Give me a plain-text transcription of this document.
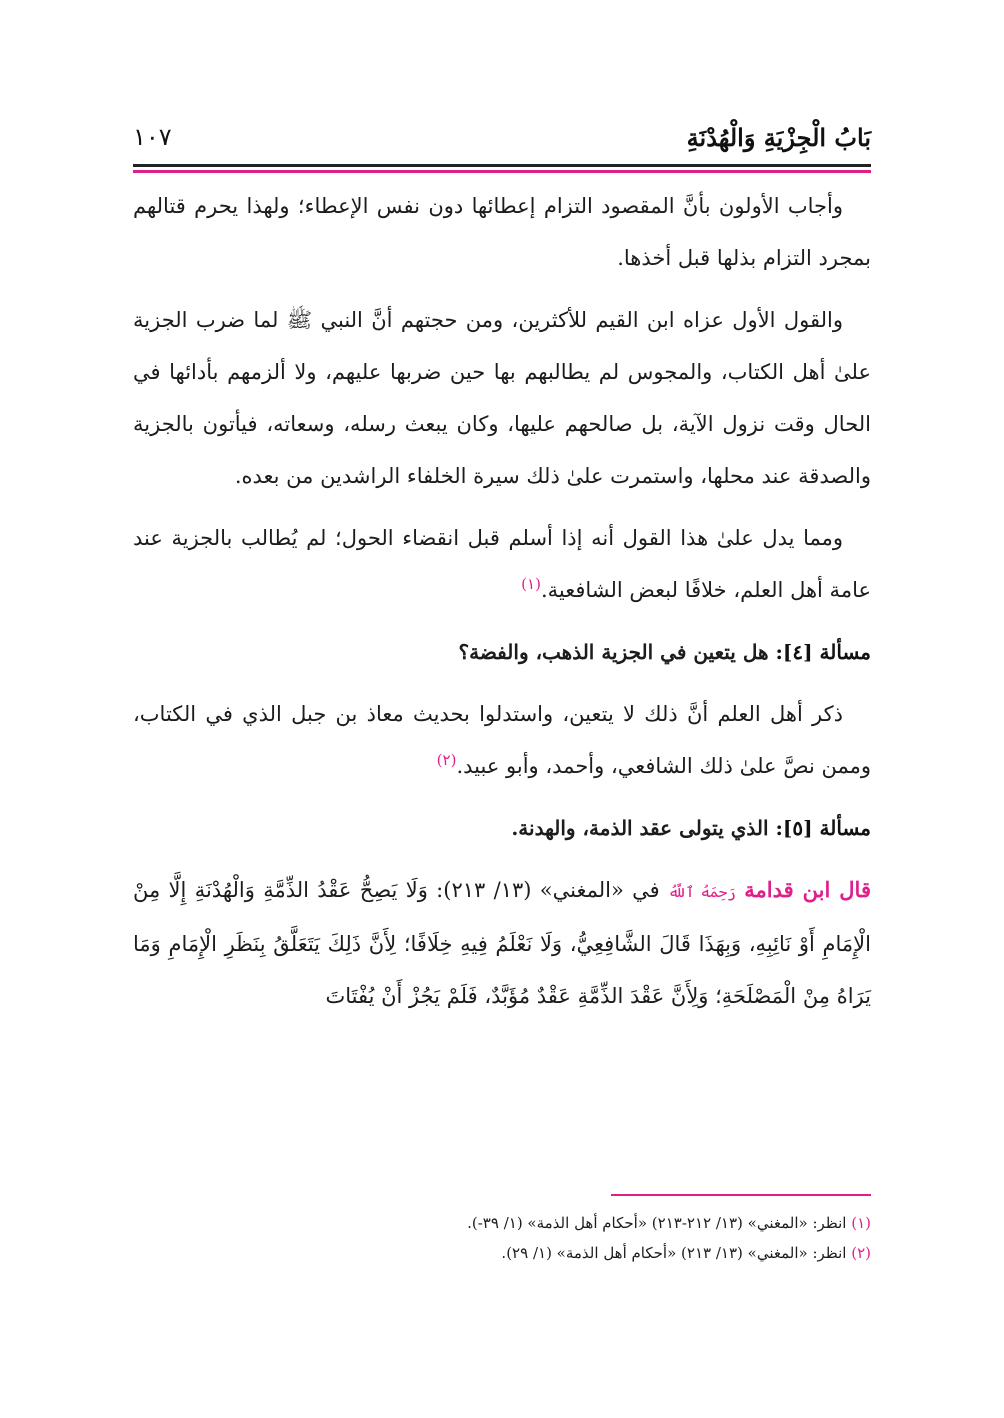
بَابُ الْجِزْيَةِ وَالْهُدْنَةِ
١٠٧

وأجاب الأولون بأنَّ المقصود التزام إعطائها دون نفس الإعطاء؛ ولهذا يحرم قتالهم بمجرد التزام بذلها قبل أخذها.

والقول الأول عزاه ابن القيم للأكثرين، ومن حجتهم أنَّ النبي ﷺ لما ضرب الجزية علىٰ أهل الكتاب، والمجوس لم يطالبهم بها حين ضربها عليهم، ولا ألزمهم بأدائها في الحال وقت نزول الآية، بل صالحهم عليها، وكان يبعث رسله، وسعاته، فيأتون بالجزية والصدقة عند محلها، واستمرت علىٰ ذلك سيرة الخلفاء الراشدين من بعده.

ومما يدل علىٰ هذا القول أنه إذا أسلم قبل انقضاء الحول؛ لم يُطالب بالجزية عند عامة أهل العلم، خلافًا لبعض الشافعية.$^{(١)}$

مسألة [٤]: هل يتعين في الجزية الذهب، والفضة؟

ذكر أهل العلم أنَّ ذلك لا يتعين، واستدلوا بحديث معاذ بن جبل الذي في الكتاب، وممن نصَّ علىٰ ذلك الشافعي، وأحمد، وأبو عبيد.$^{(٢)}$

مسألة [٥]: الذي يتولى عقد الذمة، والهدنة.

قال ابن قدامة رَحِمَهُ ٱللَّهُ في «المغني» (١٣/ ٢١٣): وَلَا يَصِحُّ عَقْدُ الذِّمَّةِ وَالْهُدْنَةِ إِلَّا مِنْ الْإِمَامِ أَوْ نَائِبِهِ، وَبِهَذَا قَالَ الشَّافِعِيُّ، وَلَا نَعْلَمُ فِيهِ خِلَافًا؛ لِأَنَّ ذَلِكَ يَتَعَلَّقُ بِنَظَرِ الْإِمَامِ وَمَا يَرَاهُ مِنْ الْمَصْلَحَةِ؛ وَلِأَنَّ عَقْدَ الذِّمَّةِ عَقْدٌ مُؤَبَّدٌ، فَلَمْ يَجُزْ أَنْ يُفْتَاتَ

(١) انظر: «المغني» (١٣/ ٢١٢-٢١٣) «أحكام أهل الذمة» (١/ ٣٩-).

(٢) انظر: «المغني» (١٣/ ٢١٣) «أحكام أهل الذمة» (١/ ٢٩).
